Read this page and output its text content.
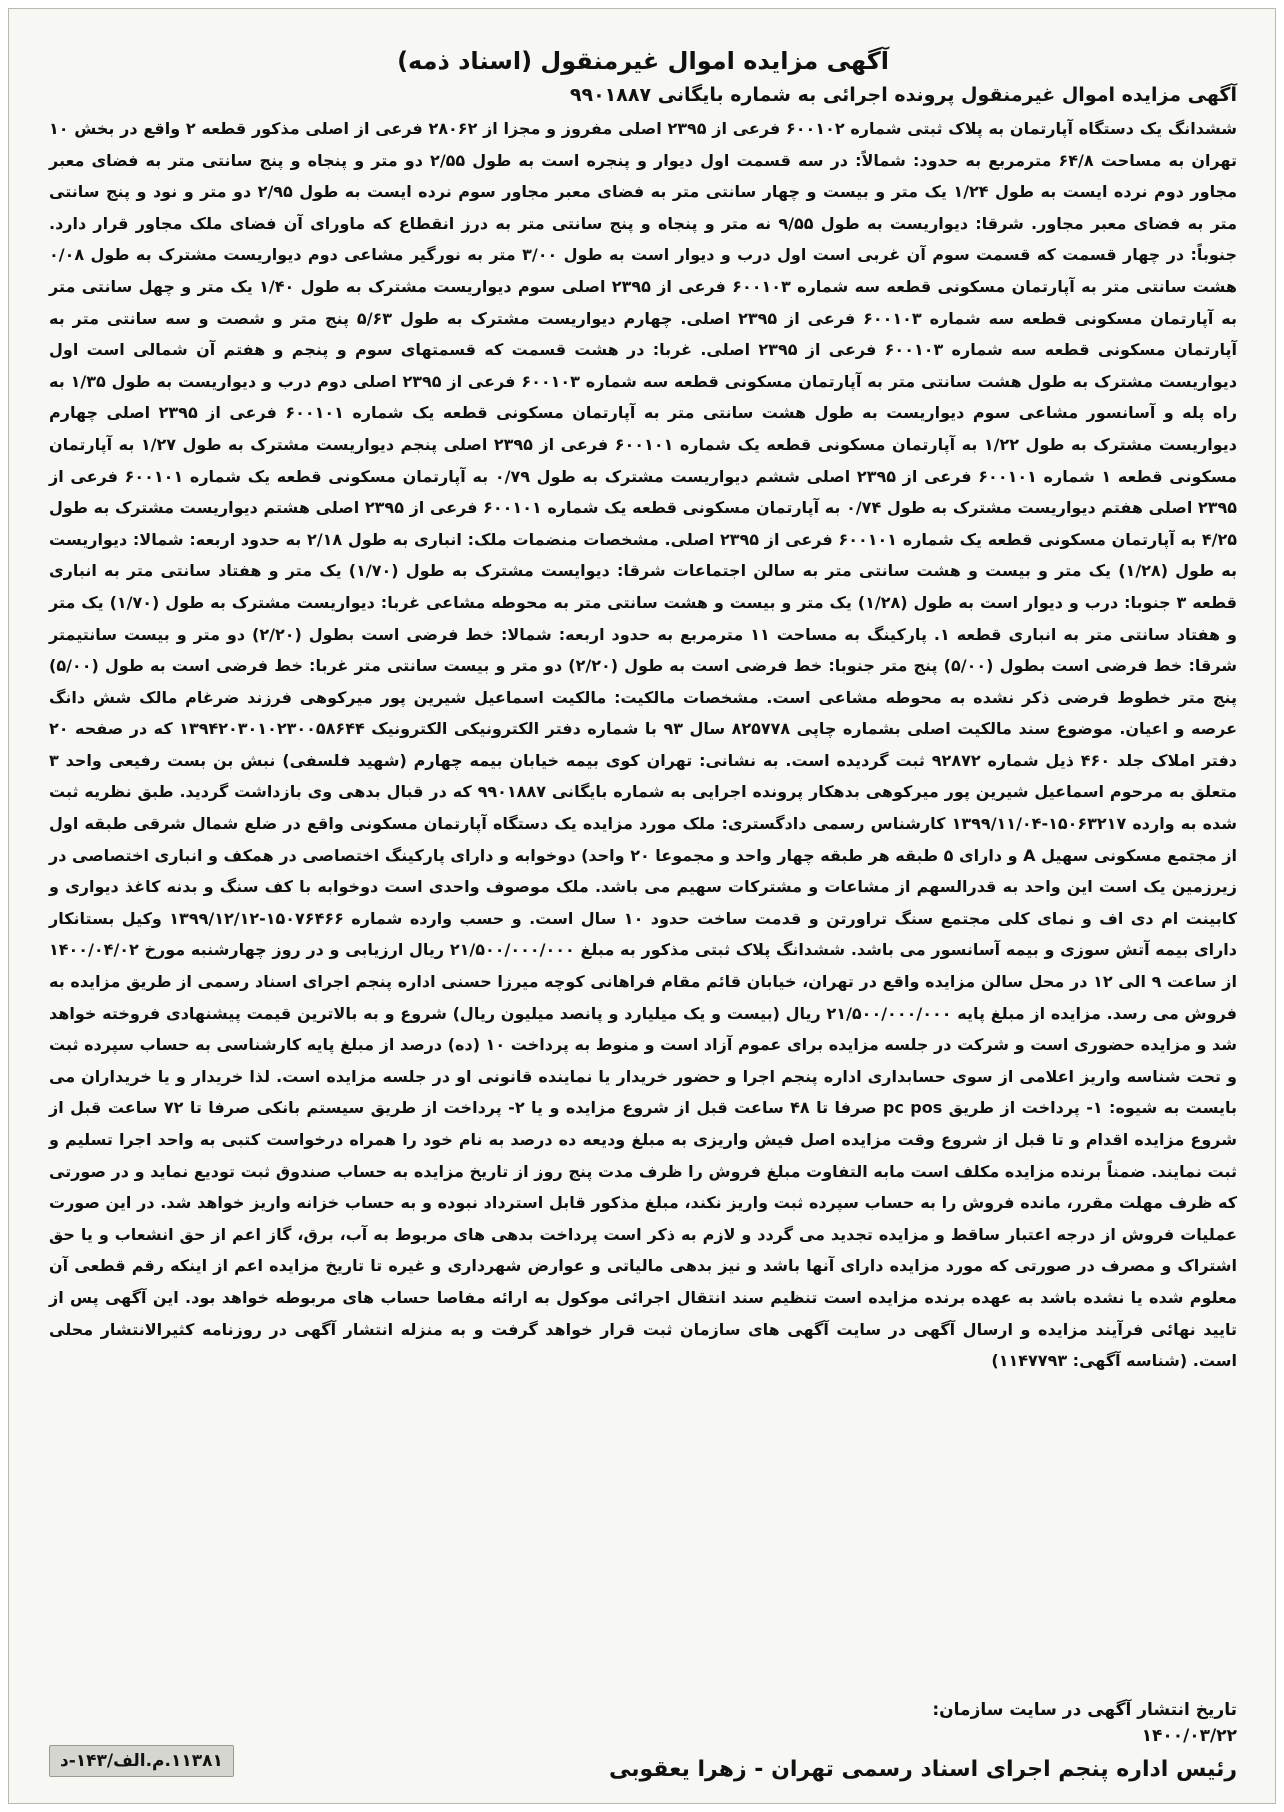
آگهی مزایده اموال غیرمنقول (اسناد ذمه)
آگهی مزایده اموال غیرمنقول پرونده اجرائی به شماره بایگانی ۹۹۰۱۸۸۷

ششدانگ یک دستگاه آپارتمان به پلاک ثبتی شماره ۶۰۰۱۰۲ فرعی از ۲۳۹۵ اصلی مفروز و مجزا از ۲۸۰۶۲ فرعی از اصلی مذکور قطعه ۲ واقع در بخش ۱۰ تهران به مساحت ۶۴/۸ مترمربع به حدود: شمالاً: در سه قسمت اول دیوار و پنجره است به طول ۲/۵۵ دو متر و پنجاه و پنج سانتی متر به فضای معبر مجاور دوم نرده ایست به طول ۱/۲۴ یک متر و بیست و چهار سانتی متر به فضای معبر مجاور سوم نرده ایست به طول ۲/۹۵ دو متر و نود و پنج سانتی متر به فضای معبر مجاور. شرقا: دیواریست به طول ۹/۵۵ نه متر و پنجاه و پنج سانتی متر به درز انقطاع که ماورای آن فضای ملک مجاور قرار دارد. جنوباً: در چهار قسمت که قسمت سوم آن غربی است اول درب و دیوار است به طول ۳/۰۰ متر به نورگیر مشاعی دوم دیواریست مشترک به طول ۰/۰۸ هشت سانتی متر به آپارتمان مسکونی قطعه سه شماره ۶۰۰۱۰۳ فرعی از ۲۳۹۵ اصلی سوم دیواریست مشترک به طول ۱/۴۰ یک متر و چهل سانتی متر به آپارتمان مسکونی قطعه سه شماره ۶۰۰۱۰۳ فرعی از ۲۳۹۵ اصلی. چهارم دیواریست مشترک به طول ۵/۶۳ پنج متر و شصت و سه سانتی متر به آپارتمان مسکونی قطعه سه شماره ۶۰۰۱۰۳ فرعی از ۲۳۹۵ اصلی. غربا: در هشت قسمت که قسمتهای سوم و پنجم و هفتم آن شمالی است اول دیواریست مشترک به طول هشت سانتی متر به آپارتمان مسکونی قطعه سه شماره ۶۰۰۱۰۳ فرعی از ۲۳۹۵ اصلی دوم درب و دیواریست به طول ۱/۳۵ به راه پله و آسانسور مشاعی سوم دیواریست به طول هشت سانتی متر به آپارتمان مسکونی قطعه یک شماره ۶۰۰۱۰۱ فرعی از ۲۳۹۵ اصلی چهارم دیواریست مشترک به طول ۱/۲۲ به آپارتمان مسکونی قطعه یک شماره ۶۰۰۱۰۱ فرعی از ۲۳۹۵ اصلی پنجم دیواریست مشترک به طول ۱/۲۷ به آپارتمان مسکونی قطعه ۱ شماره ۶۰۰۱۰۱ فرعی از ۲۳۹۵ اصلی ششم دیواریست مشترک به طول ۰/۷۹ به آپارتمان مسکونی قطعه یک شماره ۶۰۰۱۰۱ فرعی از ۲۳۹۵ اصلی هفتم دیواریست مشترک به طول ۰/۷۴ به آپارتمان مسکونی قطعه یک شماره ۶۰۰۱۰۱ فرعی از ۲۳۹۵ اصلی هشتم دیواریست مشترک به طول ۴/۲۵ به آپارتمان مسکونی قطعه یک شماره ۶۰۰۱۰۱ فرعی از ۲۳۹۵ اصلی. مشخصات منضمات ملک: انباری به طول ۲/۱۸ به حدود اربعه: شمالا: دیواریست به طول (۱/۲۸) یک متر و بیست و هشت سانتی متر به سالن اجتماعات شرقا: دیوایست مشترک به طول (۱/۷۰) یک متر و هفتاد سانتی متر به انباری قطعه ۳ جنوبا: درب و دیوار است به طول (۱/۲۸) یک متر و بیست و هشت سانتی متر به محوطه مشاعی غربا: دیواریست مشترک به طول (۱/۷۰) یک متر و هفتاد سانتی متر به انباری قطعه ۱. پارکینگ به مساحت ۱۱ مترمربع به حدود اربعه: شمالا: خط فرضی است بطول (۲/۲۰) دو متر و بیست سانتیمتر شرقا: خط فرضی است بطول (۵/۰۰) پنج متر جنوبا: خط فرضی است به طول (۲/۲۰) دو متر و بیست سانتی متر غربا: خط فرضی است به طول (۵/۰۰) پنج متر خطوط فرضی ذکر نشده به محوطه مشاعی است. مشخصات مالکیت: مالکیت اسماعیل شیرین پور میرکوهی فرزند ضرغام مالک شش دانگ عرصه و اعیان. موضوع سند مالکیت اصلی بشماره چاپی ۸۲۵۷۷۸ سال ۹۳ با شماره دفتر الکترونیکی الکترونیک ۱۳۹۴۲۰۳۰۱۰۲۳۰۰۵۸۶۴۴ که در صفحه ۲۰ دفتر املاک جلد ۴۶۰ ذیل شماره ۹۲۸۷۲ ثبت گردیده است. به نشانی: تهران کوی بیمه خیابان بیمه چهارم (شهید فلسفی) نبش بن بست رفیعی واحد ۳ متعلق به مرحوم اسماعیل شیرین پور میرکوهی بدهکار پرونده اجرایی به شماره بایگانی ۹۹۰۱۸۸۷ که در قبال بدهی وی بازداشت گردید. طبق نظریه ثبت شده به وارده ۱۵۰۶۳۲۱۷-۱۳۹۹/۱۱/۰۴ کارشناس رسمی دادگستری: ملک مورد مزایده یک دستگاه آپارتمان مسکونی واقع در ضلع شمال شرقی طبقه اول از مجتمع مسکونی سهیل A و دارای ۵ طبقه هر طبقه چهار واحد و مجموعا ۲۰ واحد) دوخوابه و دارای پارکینگ اختصاصی در همکف و انباری اختصاصی در زیرزمین یک است این واحد به قدرالسهم از مشاعات و مشترکات سهیم می باشد. ملک موصوف واحدی است دوخوابه با کف سنگ و بدنه کاغذ دیواری و کابینت ام دی اف و نمای کلی مجتمع سنگ تراورتن و قدمت ساخت حدود ۱۰ سال است. و حسب وارده شماره ۱۵۰۷۶۴۶۶-۱۳۹۹/۱۲/۱۲ وکیل بستانکار دارای بیمه آتش سوزی و بیمه آسانسور می باشد. ششدانگ پلاک ثبتی مذکور به مبلغ ۲۱/۵۰۰/۰۰۰/۰۰۰ ریال ارزیابی و در روز چهارشنبه مورخ ۱۴۰۰/۰۴/۰۲ از ساعت ۹ الی ۱۲ در محل سالن مزایده واقع در تهران، خیابان قائم مقام فراهانی کوچه میرزا حسنی اداره پنجم اجرای اسناد رسمی از طریق مزایده به فروش می رسد. مزایده از مبلغ پایه ۲۱/۵۰۰/۰۰۰/۰۰۰ ریال (بیست و یک میلیارد و پانصد میلیون ریال) شروع و به بالاترین قیمت پیشنهادی فروخته خواهد شد و مزایده حضوری است و شرکت در جلسه مزایده برای عموم آزاد است و منوط به پرداخت ۱۰ (ده) درصد از مبلغ پایه کارشناسی به حساب سپرده ثبت و تحت شناسه واریز اعلامی از سوی حسابداری اداره پنجم اجرا و حضور خریدار یا نماینده قانونی او در جلسه مزایده است. لذا خریدار و یا خریداران می بایست به شیوه: ۱- پرداخت از طریق pc pos صرفا تا ۴۸ ساعت قبل از شروع مزایده و یا ۲- پرداخت از طریق سیستم بانکی صرفا تا ۷۲ ساعت قبل از شروع مزایده اقدام و تا قبل از شروع وقت مزایده اصل فیش واریزی به مبلغ ودیعه ده درصد به نام خود را همراه درخواست کتبی به واحد اجرا تسلیم و ثبت نمایند. ضمناً برنده مزایده مکلف است مابه التفاوت مبلغ فروش را ظرف مدت پنج روز از تاریخ مزایده به حساب صندوق ثبت تودیع نماید و در صورتی که ظرف مهلت مقرر، مانده فروش را به حساب سپرده ثبت واریز نکند، مبلغ مذکور قابل استرداد نبوده و به حساب خزانه واریز خواهد شد. در این صورت عملیات فروش از درجه اعتبار ساقط و مزایده تجدید می گردد و لازم به ذکر است پرداخت بدهی های مربوط به آب، برق، گاز اعم از حق انشعاب و یا حق اشتراک و مصرف در صورتی که مورد مزایده دارای آنها باشد و نیز بدهی مالیاتی و عوارض شهرداری و غیره تا تاریخ مزایده اعم از اینکه رقم قطعی آن معلوم شده یا نشده باشد به عهده برنده مزایده است تنظیم سند انتقال اجرائی موکول به ارائه مفاصا حساب های مربوطه خواهد بود. این آگهی پس از تایید نهائی فرآیند مزایده و ارسال آگهی در سایت آگهی های سازمان ثبت قرار خواهد گرفت و به منزله انتشار آگهی در روزنامه کثیرالانتشار محلی است. (شناسه آگهی: ۱۱۴۷۷۹۳)

تاریخ انتشار آگهی در سایت سازمان:
۱۴۰۰/۰۳/۲۲
رئیس اداره پنجم اجرای اسناد رسمی تهران - زهرا یعقوبی
۱۱۳۸۱.م.الف/۱۴۳-د
